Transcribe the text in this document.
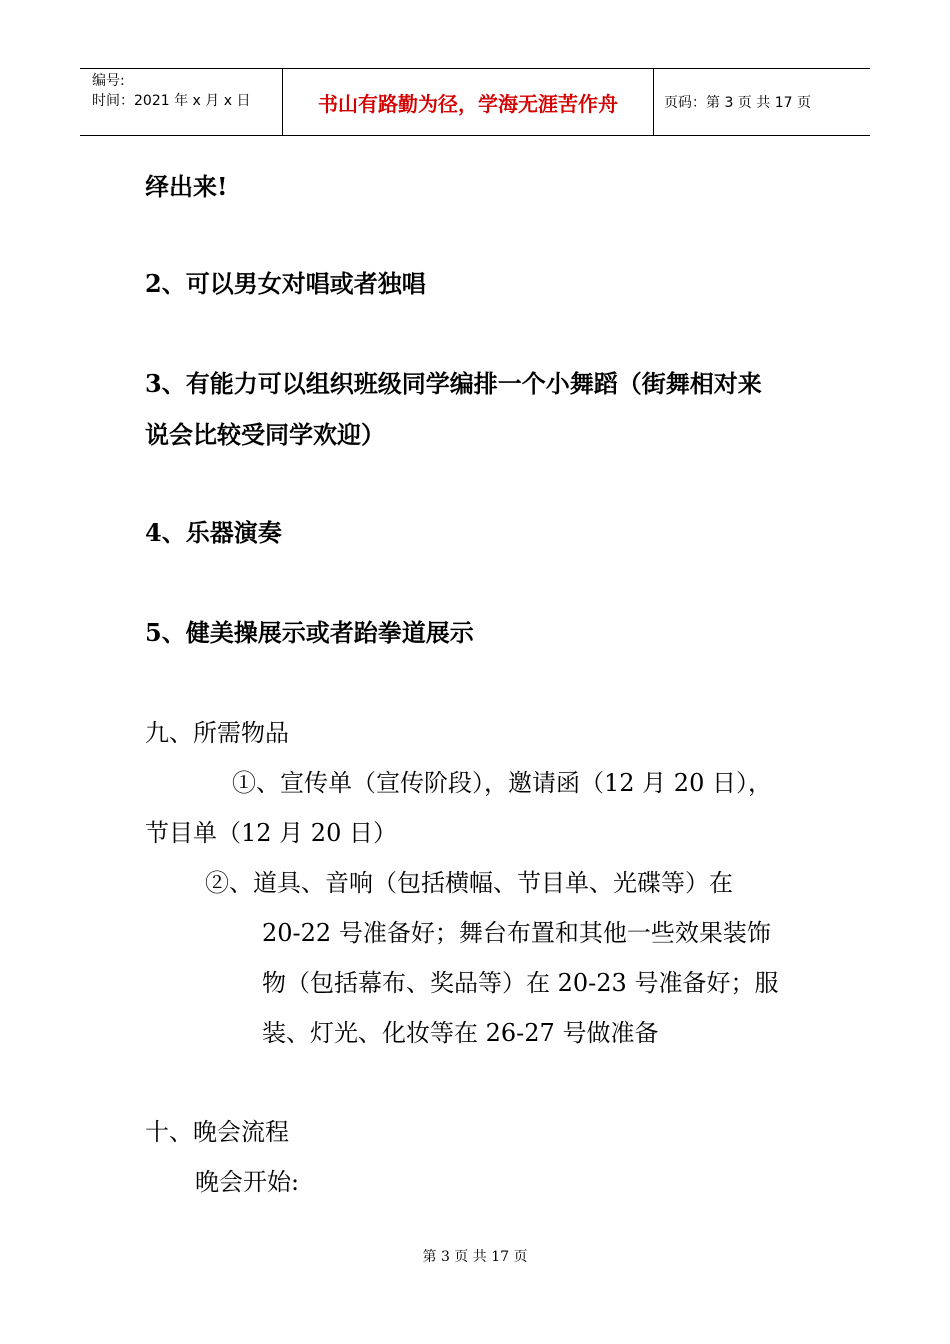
编号:
时间：2021 年 x 月 x 日	书山有路勤为径，学海无涯苦作舟	页码：第 3 页 共 17 页
绎出来!
2、可以男女对唱或者独唱
3、有能力可以组织班级同学编排一个小舞蹈（街舞相对来
说会比较受同学欢迎）
4、乐器演奏
5、健美操展示或者跆拳道展示
九、所需物品
①、宣传单（宣传阶段），邀请函（12 月 20 日），
节目单（12 月 20 日）
②、道具、音响（包括横幅、节目单、光碟等）在
20-22 号准备好；舞台布置和其他一些效果装饰
物（包括幕布、奖品等）在 20-23 号准备好；服
装、灯光、化妆等在 26-27 号做准备
十、晚会流程
晚会开始:
第 3 页 共 17 页
